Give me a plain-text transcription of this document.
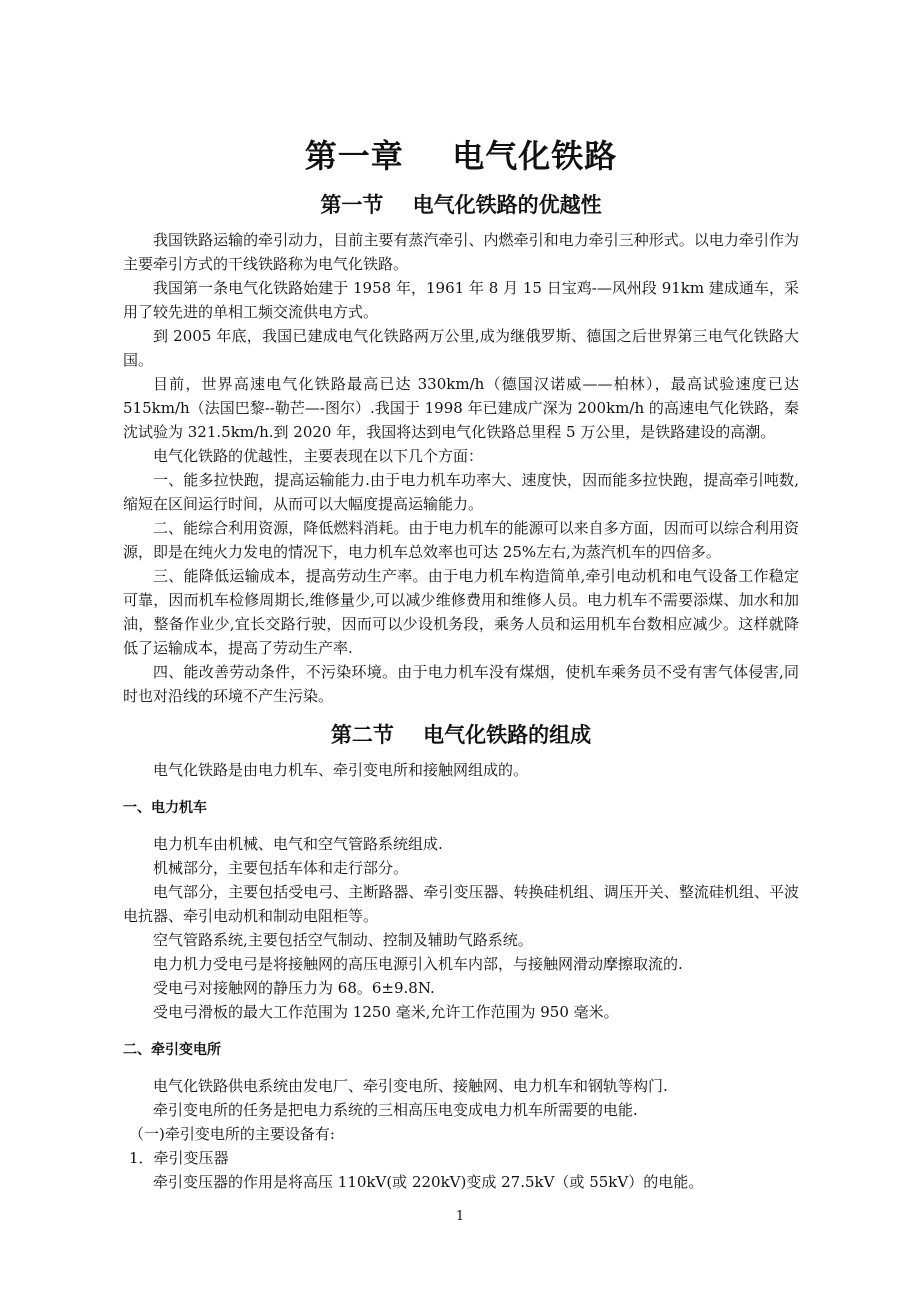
第一章    电气化铁路
第一节    电气化铁路的优越性

我国铁路运输的牵引动力，目前主要有蒸汽牵引、内燃牵引和电力牵引三种形式。以电力牵引作为主要牵引方式的干线铁路称为电气化铁路。

我国第一条电气化铁路始建于 1958 年，1961 年 8 月 15 日宝鸡-—风州段 91km 建成通车，采用了较先进的单相工频交流供电方式。

到 2005 年底，我国已建成电气化铁路两万公里,成为继俄罗斯、德国之后世界第三电气化铁路大国。

目前，世界高速电气化铁路最高已达 330km/h（德国汉诺威——柏林），最高试验速度已达 515km/h（法国巴黎--勒芒—-图尔）.我国于 1998 年已建成广深为 200km/h 的高速电气化铁路，秦沈试验为 321.5km/h.到 2020 年，我国将达到电气化铁路总里程 5 万公里，是铁路建设的高潮。

电气化铁路的优越性，主要表现在以下几个方面：

一、能多拉快跑，提高运输能力.由于电力机车功率大、速度快，因而能多拉快跑，提高牵引吨数,缩短在区间运行时间，从而可以大幅度提高运输能力。

二、能综合利用资源，降低燃料消耗。由于电力机车的能源可以来自多方面，因而可以综合利用资源，即是在纯火力发电的情况下，电力机车总效率也可达 25%左右,为蒸汽机车的四倍多。

三、能降低运输成本，提高劳动生产率。由于电力机车构造简单,牵引电动机和电气设备工作稳定可靠，因而机车检修周期长,维修量少,可以减少维修费用和维修人员。电力机车不需要添煤、加水和加油，整备作业少,宜长交路行驶，因而可以少设机务段，乘务人员和运用机车台数相应减少。这样就降低了运输成本，提高了劳动生产率.

四、能改善劳动条件，不污染环境。由于电力机车没有煤烟，使机车乘务员不受有害气体侵害,同时也对沿线的环境不产生污染。

第二节    电气化铁路的组成

电气化铁路是由电力机车、牵引变电所和接触网组成的。

一、电力机车

电力机车由机械、电气和空气管路系统组成.

机械部分，主要包括车体和走行部分。

电气部分，主要包括受电弓、主断路器、牵引变压器、转换硅机组、调压开关、整流硅机组、平波电抗器、牵引电动机和制动电阻柜等。

空气管路系统,主要包括空气制动、控制及辅助气路系统。

电力机力受电弓是将接触网的高压电源引入机车内部，与接触网滑动摩擦取流的.

受电弓对接触网的静压力为 68。6±9.8N.

受电弓滑板的最大工作范围为 1250 毫米,允许工作范围为 950 毫米。

二、牵引变电所

电气化铁路供电系统由发电厂、牵引变电所、接触网、电力机车和钢轨等构门.

牵引变电所的任务是把电力系统的三相高压电变成电力机车所需要的电能.

（一)牵引变电所的主要设备有:

1．牵引变压器

牵引变压器的作用是将高压 110kV(或 220kV)变成 27.5kV（或 55kV）的电能。

1
